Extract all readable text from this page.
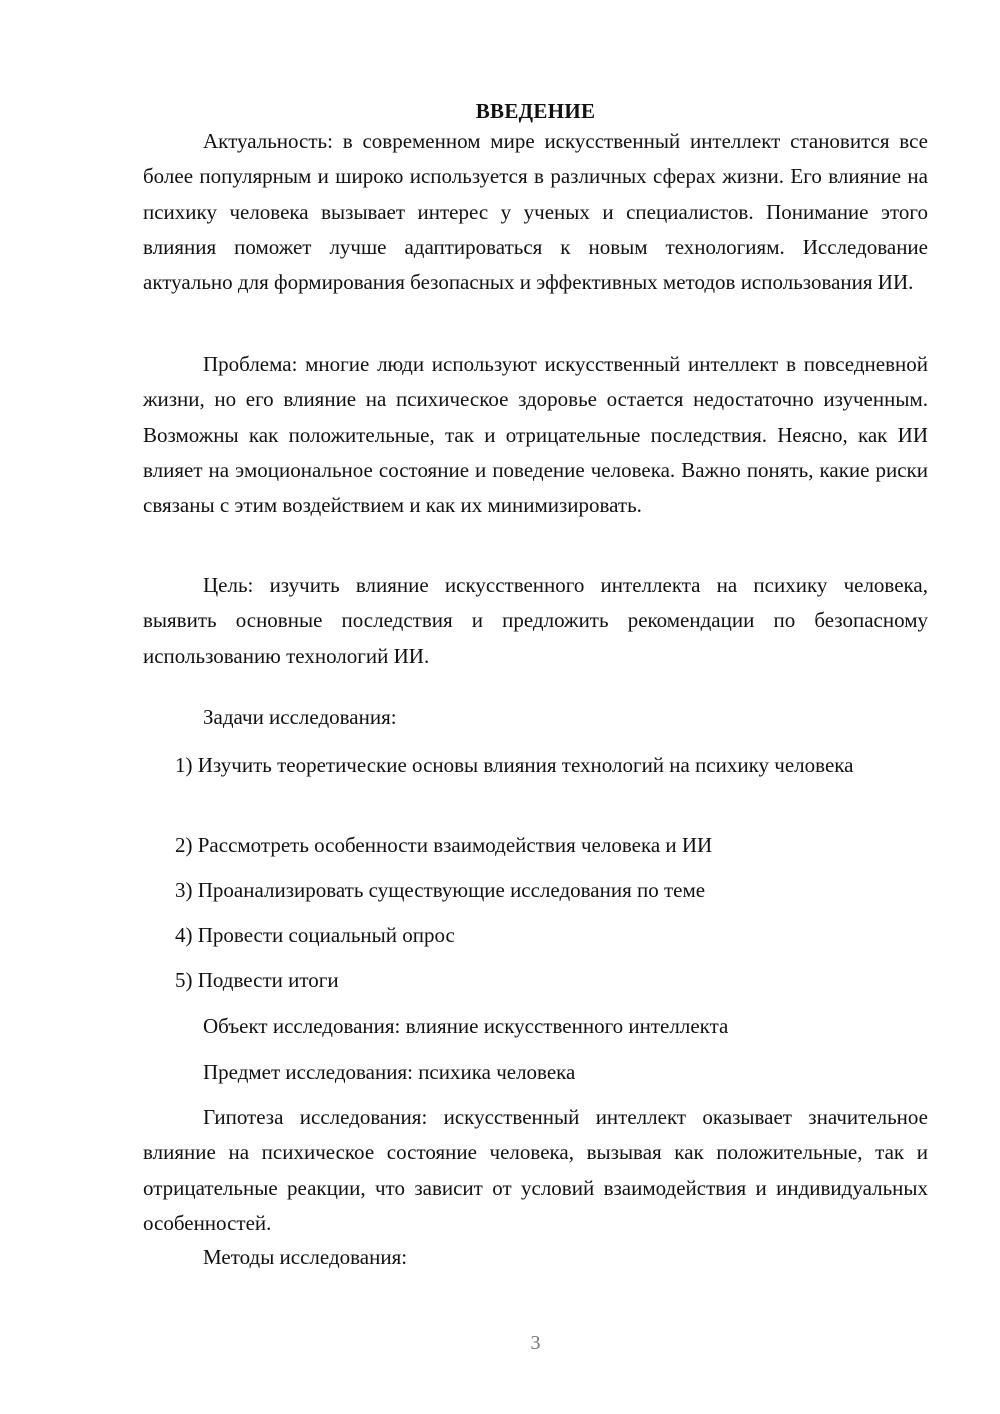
ВВЕДЕНИЕ

Актуальность: в современном мире искусственный интеллект становится все более популярным и широко используется в различных сферах жизни. Его влияние на психику человека вызывает интерес у ученых и специалистов. Понимание этого влияния поможет лучше адаптироваться к новым технологиям. Исследование актуально для формирования безопасных и эффективных методов использования ИИ.

Проблема: многие люди используют искусственный интеллект в повседневной жизни, но его влияние на психическое здоровье остается недостаточно изученным. Возможны как положительные, так и отрицательные последствия. Неясно, как ИИ влияет на эмоциональное состояние и поведение человека. Важно понять, какие риски связаны с этим воздействием и как их минимизировать.

Цель: изучить влияние искусственного интеллекта на психику человека, выявить основные последствия и предложить рекомендации по безопасному использованию технологий ИИ.

Задачи исследования:

1) Изучить теоретические основы влияния технологий на психику человека

2) Рассмотреть особенности взаимодействия человека и ИИ

3) Проанализировать существующие исследования по теме

4) Провести социальный опрос

5) Подвести итоги

Объект исследования: влияние искусственного интеллекта

Предмет исследования: психика человека

Гипотеза исследования: искусственный интеллект оказывает значительное влияние на психическое состояние человека, вызывая как положительные, так и отрицательные реакции, что зависит от условий взаимодействия и индивидуальных особенностей.

Методы исследования:

3
